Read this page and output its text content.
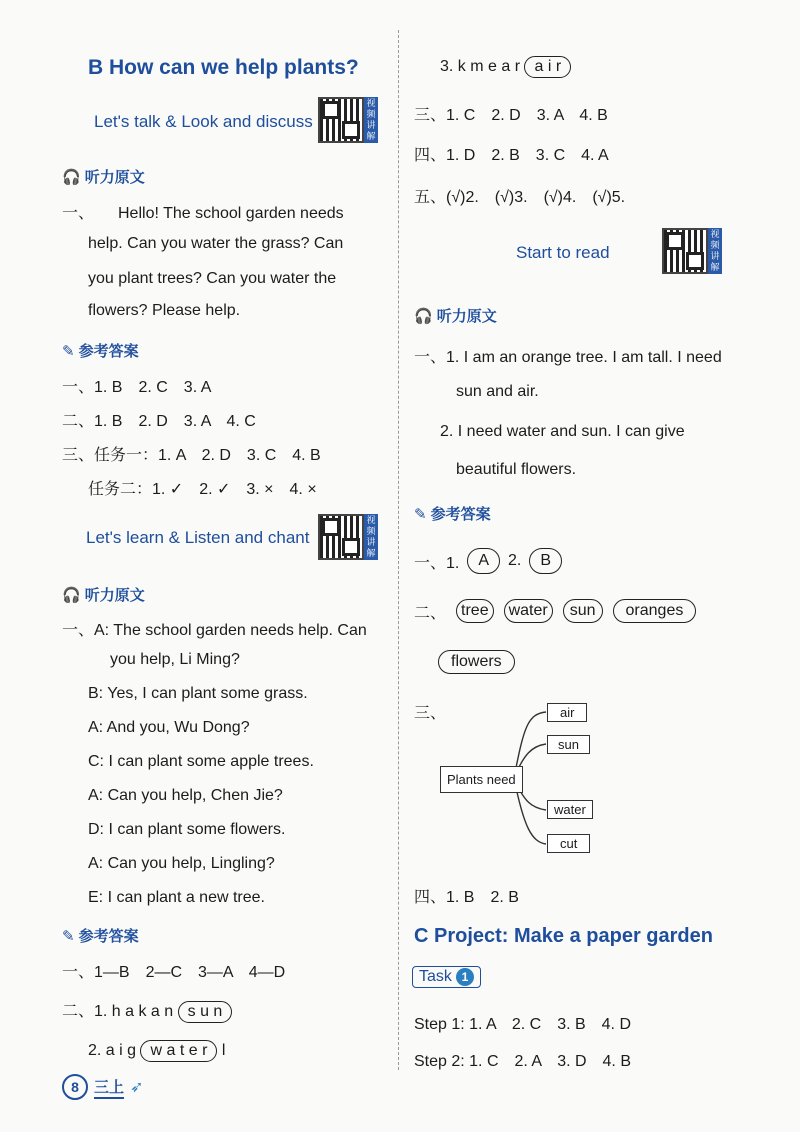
B How can we help plants?
Let's talk & Look and discuss
视频讲解
🎧 听力原文
一、　　Hello! The school garden needs
help. Can you water the grass? Can
you plant trees? Can you water the
flowers? Please help.
✎ 参考答案
一、1. B　2. C　3. A
二、1. B　2. D　3. A　4. C
三、任务一：1. A　2. D　3. C　4. B
任务二：1. ✓　2. ✓　3. ×　4. ×
Let's learn & Listen and chant
视频讲解
🎧 听力原文
一、A: The school garden needs help. Can
you help, Li Ming?
B: Yes, I can plant some grass.
A: And you, Wu Dong?
C: I can plant some apple trees.
A: Can you help, Chen Jie?
D: I can plant some flowers.
A: Can you help, Lingling?
E: I can plant a new tree.
✎ 参考答案
一、1—B　2—C　3—A　4—D
二、1. h a k a n s u n
2. a i g w a t e r l
8	三上 ➶
3. k m e a r a i r
三、1. C　2. D　3. A　4. B
四、1. D　2. B　3. C　4. A
五、(√)2.　(√)3.　(√)4.　(√)5.
Start to read
视频讲解
🎧 听力原文
一、1. I am an orange tree. I am tall. I need
sun and air.
2. I need water and sun. I can give
beautiful flowers.
✎ 参考答案
一、1.	A	2.	B
二、 tree	water	sun	oranges
flowers
三、
Plants need
air
sun
water
cut
四、1. B　2. B
C Project: Make a paper garden
Task 1
Step 1: 1. A　2. C　3. B　4. D
Step 2: 1. C　2. A　3. D　4. B
